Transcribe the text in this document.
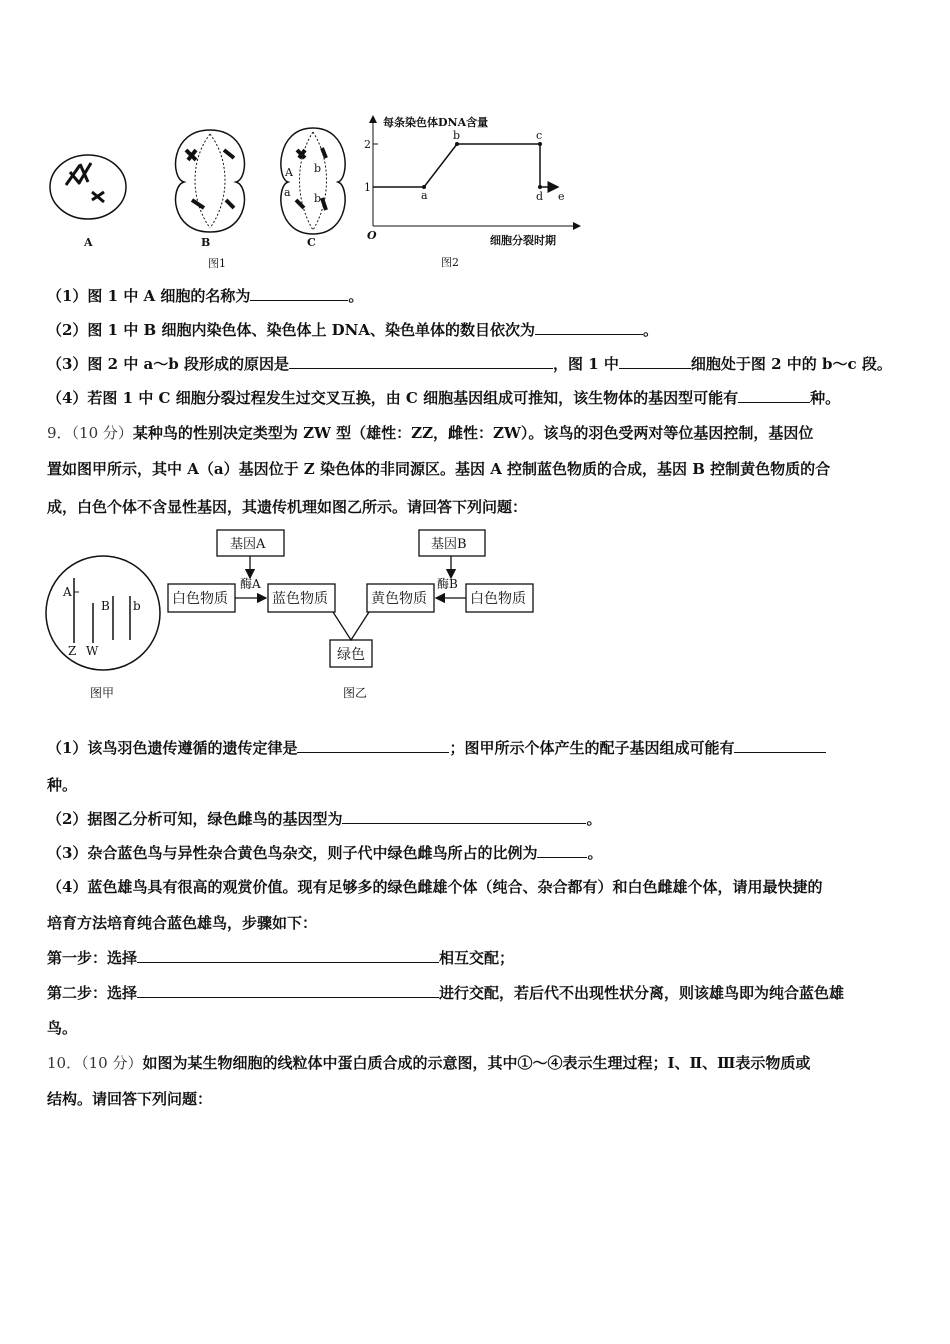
A
a
b
b
A	B	C
图1
每条染色体DNA含量
细胞分裂时期
O
1
2
a
b	c
d e
图2
A
B b
Z W
图甲
基因A	基因B
酶A	酶B
白色物质	蓝色物质	黄色物质	白色物质
绿色
图乙
（1）图 1 中 A 细胞的名称为	。
（2）图 1 中 B 细胞内染色体、染色体上 DNA、染色单体的数目依次为	。
（3）图 2 中 a～b 段形成的原因是	，图 1 中	细胞处于图 2 中的 b～c 段。
（4）若图 1 中 C 细胞分裂过程发生过交叉互换，由 C 细胞基因组成可推知，该生物体的基因型可能有	种。
9．（10 分）某种鸟的性别决定类型为 ZW 型（雄性：ZZ，雌性：ZW）。该鸟的羽色受两对等位基因控制，基因位
置如图甲所示，其中 A（a）基因位于 Z 染色体的非同源区。基因 A 控制蓝色物质的合成，基因 B 控制黄色物质的合
成，白色个体不含显性基因，其遗传机理如图乙所示。请回答下列问题：
（1）该鸟羽色遗传遵循的遗传定律是	；图甲所示个体产生的配子基因组成可能有
种。
（2）据图乙分析可知，绿色雌鸟的基因型为	。
（3）杂合蓝色鸟与异性杂合黄色鸟杂交，则子代中绿色雌鸟所占的比例为	。
（4）蓝色雄鸟具有很高的观赏价值。现有足够多的绿色雌雄个体（纯合、杂合都有）和白色雌雄个体，请用最快捷的
培育方法培育纯合蓝色雄鸟，步骤如下：
第一步：选择	相互交配；
第二步：选择	进行交配，若后代不出现性状分离，则该雄鸟即为纯合蓝色雄
鸟。
10．（10 分）如图为某生物细胞的线粒体中蛋白质合成的示意图，其中①～④表示生理过程；Ⅰ、Ⅱ、Ⅲ表示物质或
结构。请回答下列问题：
